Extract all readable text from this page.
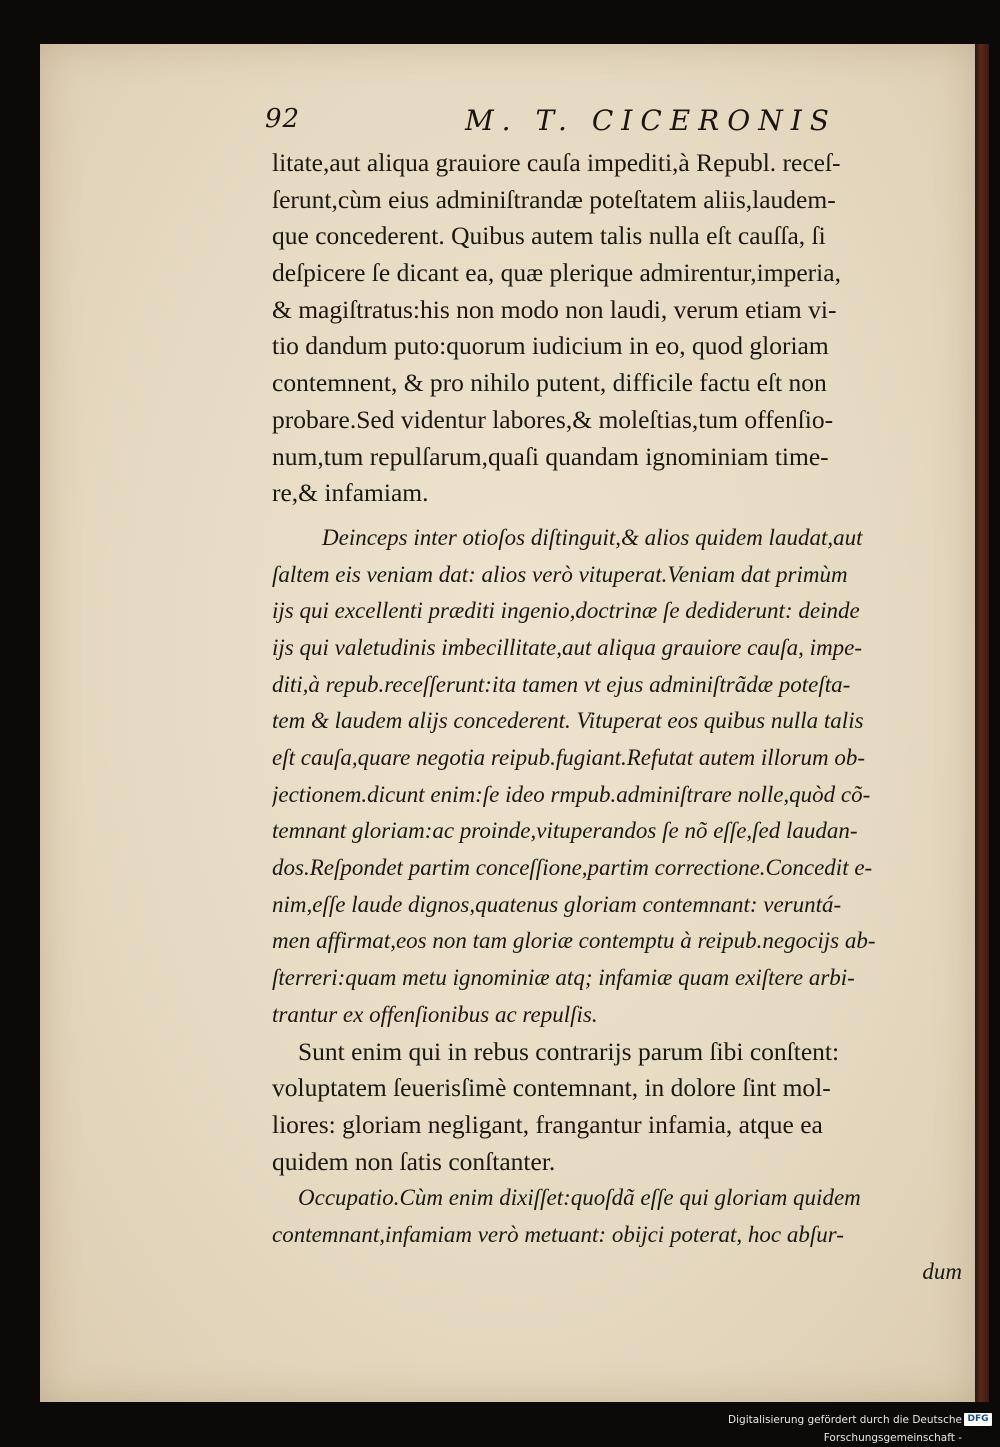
92	M. T. CICERONIS
litate,aut aliqua grauiore cauſa impediti,à Republ. receſ-
ſerunt,cùm eius adminiſtrandæ poteſtatem aliis,laudem-
que concederent. Quibus autem talis nulla eſt cauſſa, ſi
deſpicere ſe dicant ea, quæ plerique admirentur,imperia,
& magiſtratus:his non modo non laudi, verum etiam vi-
tio dandum puto:quorum iudicium in eo, quod gloriam
contemnent, & pro nihilo putent, difficile factu eſt non
probare.Sed videntur labores,& moleſtias,tum offenſio-
num,tum repulſarum,quaſi quandam ignominiam time-
re,& infamiam.
Deinceps inter otioſos diſtinguit,& alios quidem laudat,aut
ſaltem eis veniam dat: alios verò vituperat.Veniam dat primùm
ijs qui excellenti præditi ingenio,doctrinæ ſe dediderunt: deinde
ijs qui valetudinis imbecillitate,aut aliqua grauiore cauſa, impe-
diti,à repub.receſſerunt:ita tamen vt ejus adminiſtrãdæ poteſta-
tem & laudem alijs concederent. Vituperat eos quibus nulla talis
eſt cauſa,quare negotia reipub.fugiant.Refutat autem illorum ob-
jectionem.dicunt enim:ſe ideo rmpub.adminiſtrare nolle,quòd cõ-
temnant gloriam:ac proinde,vituperandos ſe nõ eſſe,ſed laudan-
dos.Reſpondet partim conceſſione,partim correctione.Concedit e-
nim,eſſe laude dignos,quatenus gloriam contemnant: veruntá-
men affirmat,eos non tam gloriæ contemptu à reipub.negocijs ab-
ſterreri:quam metu ignominiæ atq; infamiæ quam exiſtere arbi-
trantur ex offenſionibus ac repulſis.
Sunt enim qui in rebus contrarijs parum ſibi conſtent:
voluptatem ſeuerisſimè contemnant, in dolore ſint mol-
liores: gloriam negligant, frangantur infamia, atque ea
quidem non ſatis conſtanter.
Occupatio.Cùm enim dixiſſet:quoſdã eſſe qui gloriam quidem
contemnant,infamiam verò metuant: obijci poterat, hoc abſur-
dum
Digitalisierung gefördert durch die Deutsche Forschungsgemeinschaft -
DFG
